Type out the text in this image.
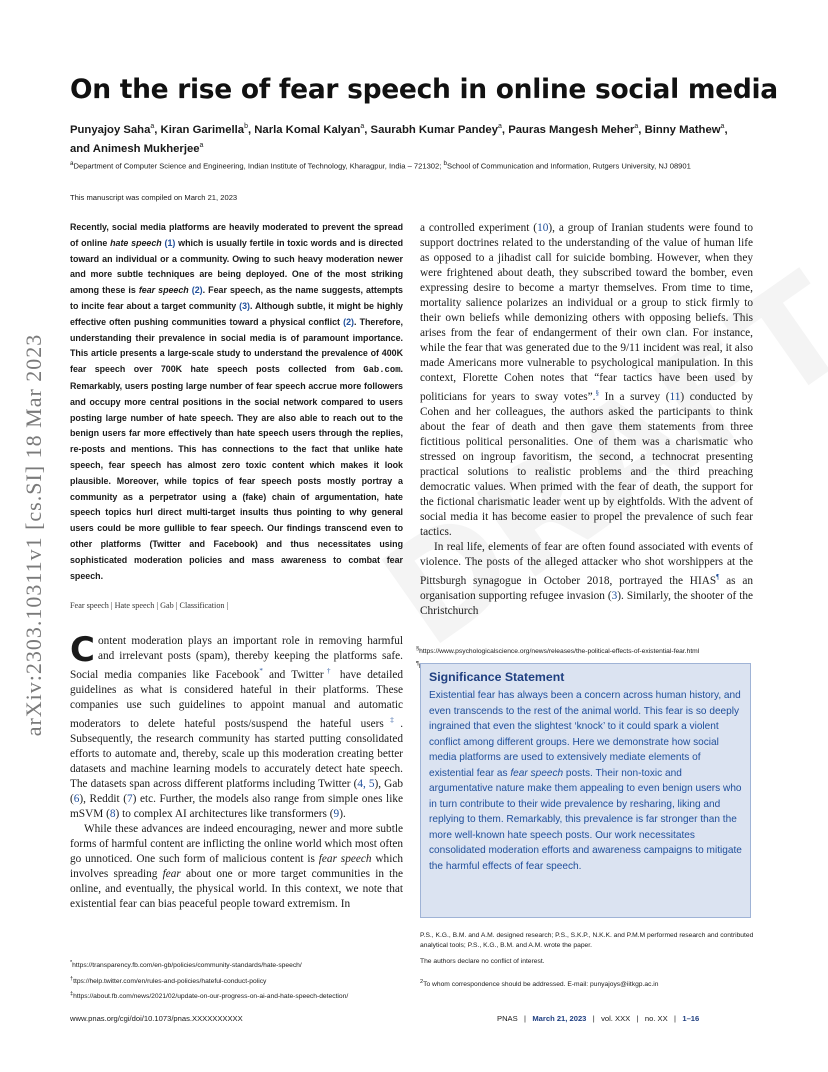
arXiv:2303.10311v1 [cs.SI] 18 Mar 2023
On the rise of fear speech in online social media
Punyajoy Saha$^a$, Kiran Garimella$^b$, Narla Komal Kalyan$^a$, Saurabh Kumar Pandey$^a$, Pauras Mangesh Meher$^a$, Binny Mathew$^a$,
and Animesh Mukherjee$^a$
$^a$Department of Computer Science and Engineering, Indian Institute of Technology, Kharagpur, India – 721302; $^b$School of Communication and Information, Rutgers University, NJ 08901
This manuscript was compiled on March 21, 2023
Recently, social media platforms are heavily moderated to prevent the spread of online hate speech (1) which is usually fertile in toxic words and is directed toward an individual or a community. Owing to such heavy moderation newer and more subtle techniques are being deployed. One of the most striking among these is fear speech (2). Fear speech, as the name suggests, attempts to incite fear about a target community (3). Although subtle, it might be highly effective often pushing communities toward a physical conflict (2). Therefore, understanding their prevalence in social media is of paramount importance. This article presents a large-scale study to understand the prevalence of 400K fear speech over 700K hate speech posts collected from Gab.com. Remarkably, users posting large number of fear speech accrue more followers and occupy more central positions in the social network compared to users posting large number of hate speech. They are also able to reach out to the benign users far more effectively than hate speech users through the replies, re-posts and mentions. This has connections to the fact that unlike hate speech, fear speech has almost zero toxic content which makes it look plausible. Moreover, while topics of fear speech posts mostly portray a community as a perpetrator using a (fake) chain of argumentation, hate speech topics hurl direct multi-target insults thus pointing to why general users could be more gullible to fear speech. Our findings transcend even to other platforms (Twitter and Facebook) and thus necessitates using sophisticated moderation policies and mass awareness to combat fear speech.
Fear speech | Hate speech | Gab | Classification |

Content moderation plays an important role in removing harmful and irrelevant posts (spam), thereby keeping the platforms safe. Social media companies like Facebook* and Twitter† have detailed guidelines as what is considered hateful in their platforms. These companies use such guidelines to appoint manual and automatic moderators to delete hateful posts/suspend the hateful users‡. Subsequently, the research community has started putting consolidated efforts to automate and, thereby, scale up this moderation creating better datasets and machine learning models to accurately detect hate speech. The datasets span across different platforms including Twitter (4, 5), Gab (6), Reddit (7) etc. Further, the models also range from simple ones like mSVM (8) to complex AI architectures like transformers (9).

While these advances are indeed encouraging, newer and more subtle forms of harmful content are inflicting the online world which most often go unnoticed. One such form of malicious content is fear speech which involves spreading fear about one or more target communities in the online, and eventually, the physical world. In this context, we note that existential fear can bias peaceful people toward extremism. In

*https://transparency.fb.com/en-gb/policies/community-standards/hate-speech/
†ttps://help.twitter.com/en/rules-and-policies/hateful-conduct-policy
‡https://about.fb.com/news/2021/02/update-on-our-progress-on-ai-and-hate-speech-detection/

a controlled experiment (10), a group of Iranian students were found to support doctrines related to the understanding of the value of human life as opposed to a jihadist call for suicide bombing. However, when they were frightened about death, they subscribed toward the bomber, even expressing desire to become a martyr themselves. From time to time, mortality salience polarizes an individual or a group to stick firmly to their own beliefs while demonizing others with opposing beliefs. This arises from the fear of endangerment of their own clan. For instance, while the fear that was generated due to the 9/11 incident was real, it also made Americans more vulnerable to psychological manipulation. In this context, Florette Cohen notes that “fear tactics have been used by politicians for years to sway votes”.§ In a survey (11) conducted by Cohen and her colleagues, the authors asked the participants to think about the fear of death and then gave them statements from three fictitious political personalities. One of them was a charismatic who stressed on ingroup favoritism, the second, a technocrat presenting practical solutions to realistic problems and the third preaching democratic values. When primed with the fear of death, the support for the fictional charismatic leader went up by eightfolds. With the advent of social media it has become easier to propel the prevalence of such fear tactics.

In real life, elements of fear are often found associated with events of violence. The posts of the alleged attacker who shot worshippers at the Pittsburgh synagogue in October 2018, portrayed the HIAS¶ as an organisation supporting refugee invasion (3). Similarly, the shooter of the Christchurch

§https://www.psychologicalscience.org/news/releases/the-political-effects-of-existential-fear.html
¶
Significance Statement

Existential fear has always been a concern across human history, and even transcends to the rest of the animal world. This fear is so deeply ingrained that even the slightest ‘knock’ to it could spark a violent conflict among different groups. Here we demonstrate how social media platforms are used to extensively mediate elements of existential fear as fear speech posts. Their non-toxic and argumentative nature make them appealing to even benign users who in turn contribute to their wide prevalence by resharing, liking and replying to them. Remarkably, this prevalence is far stronger than the more well-known hate speech posts. Our work necessitates consolidated moderation efforts and awareness campaigns to mitigate the harmful effects of fear speech.

P.S., K.G., B.M. and A.M. designed research; P.S., S.K.P., N.K.K. and P.M.M performed research and contributed analytical tools; P.S., K.G., B.M. and A.M. wrote the paper.
The authors declare no conflict of interest.
$^2$To whom correspondence should be addressed. E-mail: punyajoys@iitkgp.ac.in
www.pnas.org/cgi/doi/10.1073/pnas.XXXXXXXXXX	PNAS | March 21, 2023 | vol. XXX | no. XX | 1–16
